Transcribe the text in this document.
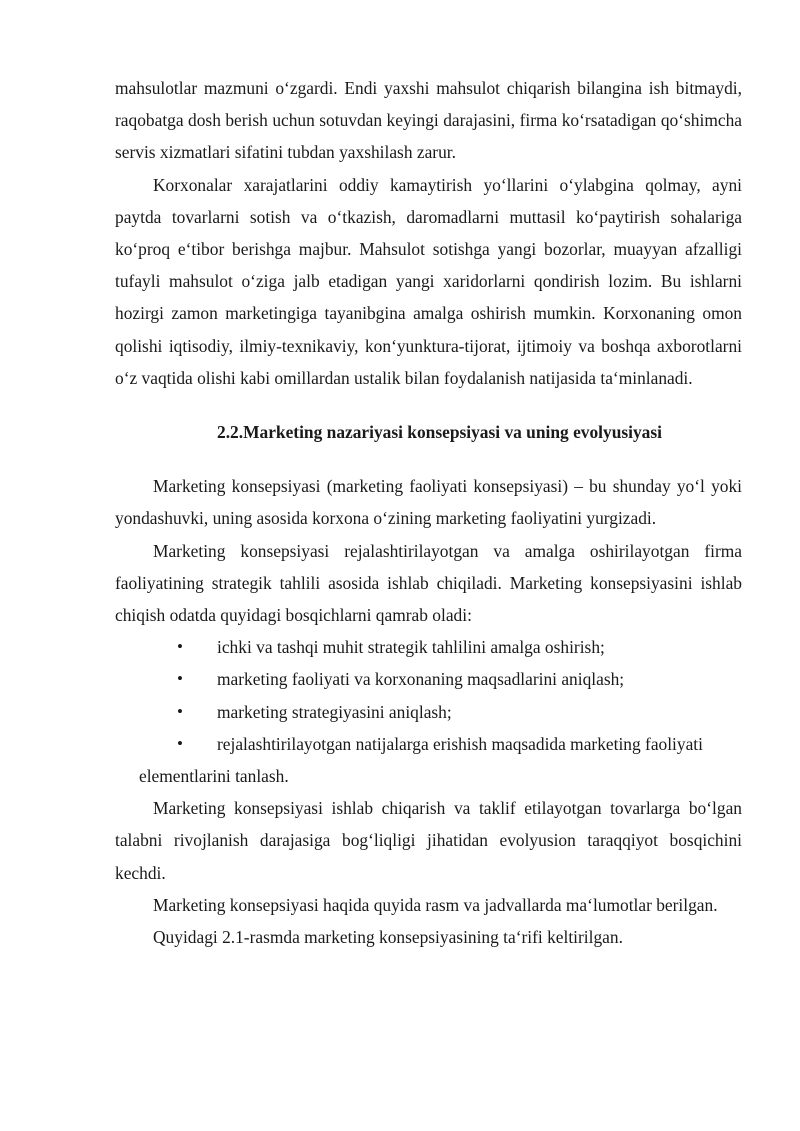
mahsulotlar mazmuni o‘zgardi. Endi yaxshi mahsulot chiqarish bilangina ish bitmaydi, raqobatga dosh berish uchun sotuvdan keyingi darajasini, firma ko‘rsatadigan qo‘shimcha servis xizmatlari sifatini tubdan yaxshilash zarur.

Korxonalar xarajatlarini oddiy kamaytirish yo‘llarini o‘ylabgina qolmay, ayni paytda tovarlarni sotish va o‘tkazish, daromadlarni muttasil ko‘paytirish sohalariga ko‘proq e‘tibor berishga majbur. Mahsulot sotishga yangi bozorlar, muayyan afzalligi tufayli mahsulot o‘ziga jalb etadigan yangi xaridorlarni qondirish lozim. Bu ishlarni hozirgi zamon marketingiga tayanibgina amalga oshirish mumkin. Korxonaning omon qolishi iqtisodiy, ilmiy-texnikaviy, kon‘yunktura-tijorat, ijtimoiy va boshqa axborotlarni o‘z vaqtida olishi kabi omillardan ustalik bilan foydalanish natijasida ta‘minlanadi.

2.2.Marketing nazariyasi konsepsiyasi va uning evolyusiyasi

Marketing konsepsiyasi (marketing faoliyati konsepsiyasi) – bu shunday yo‘l yoki yondashuvki, uning asosida korxona o‘zining marketing faoliyatini yurgizadi.

Marketing konsepsiyasi rejalashtirilayotgan va amalga oshirilayotgan firma faoliyatining strategik tahlili asosida ishlab chiqiladi. Marketing konsepsiyasini ishlab chiqish odatda quyidagi bosqichlarni qamrab oladi:

• ichki va tashqi muhit strategik tahlilini amalga oshirish;
• marketing faoliyati va korxonaning maqsadlarini aniqlash;
• marketing strategiyasini aniqlash;
• rejalashtirilayotgan natijalarga erishish maqsadida marketing faoliyati
elementlarini tanlash.

Marketing konsepsiyasi ishlab chiqarish va taklif etilayotgan tovarlarga bo‘lgan talabni rivojlanish darajasiga bog‘liqligi jihatidan evolyusion taraqqiyot bosqichini kechdi.

Marketing konsepsiyasi haqida quyida rasm va jadvallarda ma‘lumotlar berilgan.

Quyidagi 2.1-rasmda marketing konsepsiyasining ta‘rifi keltirilgan.
